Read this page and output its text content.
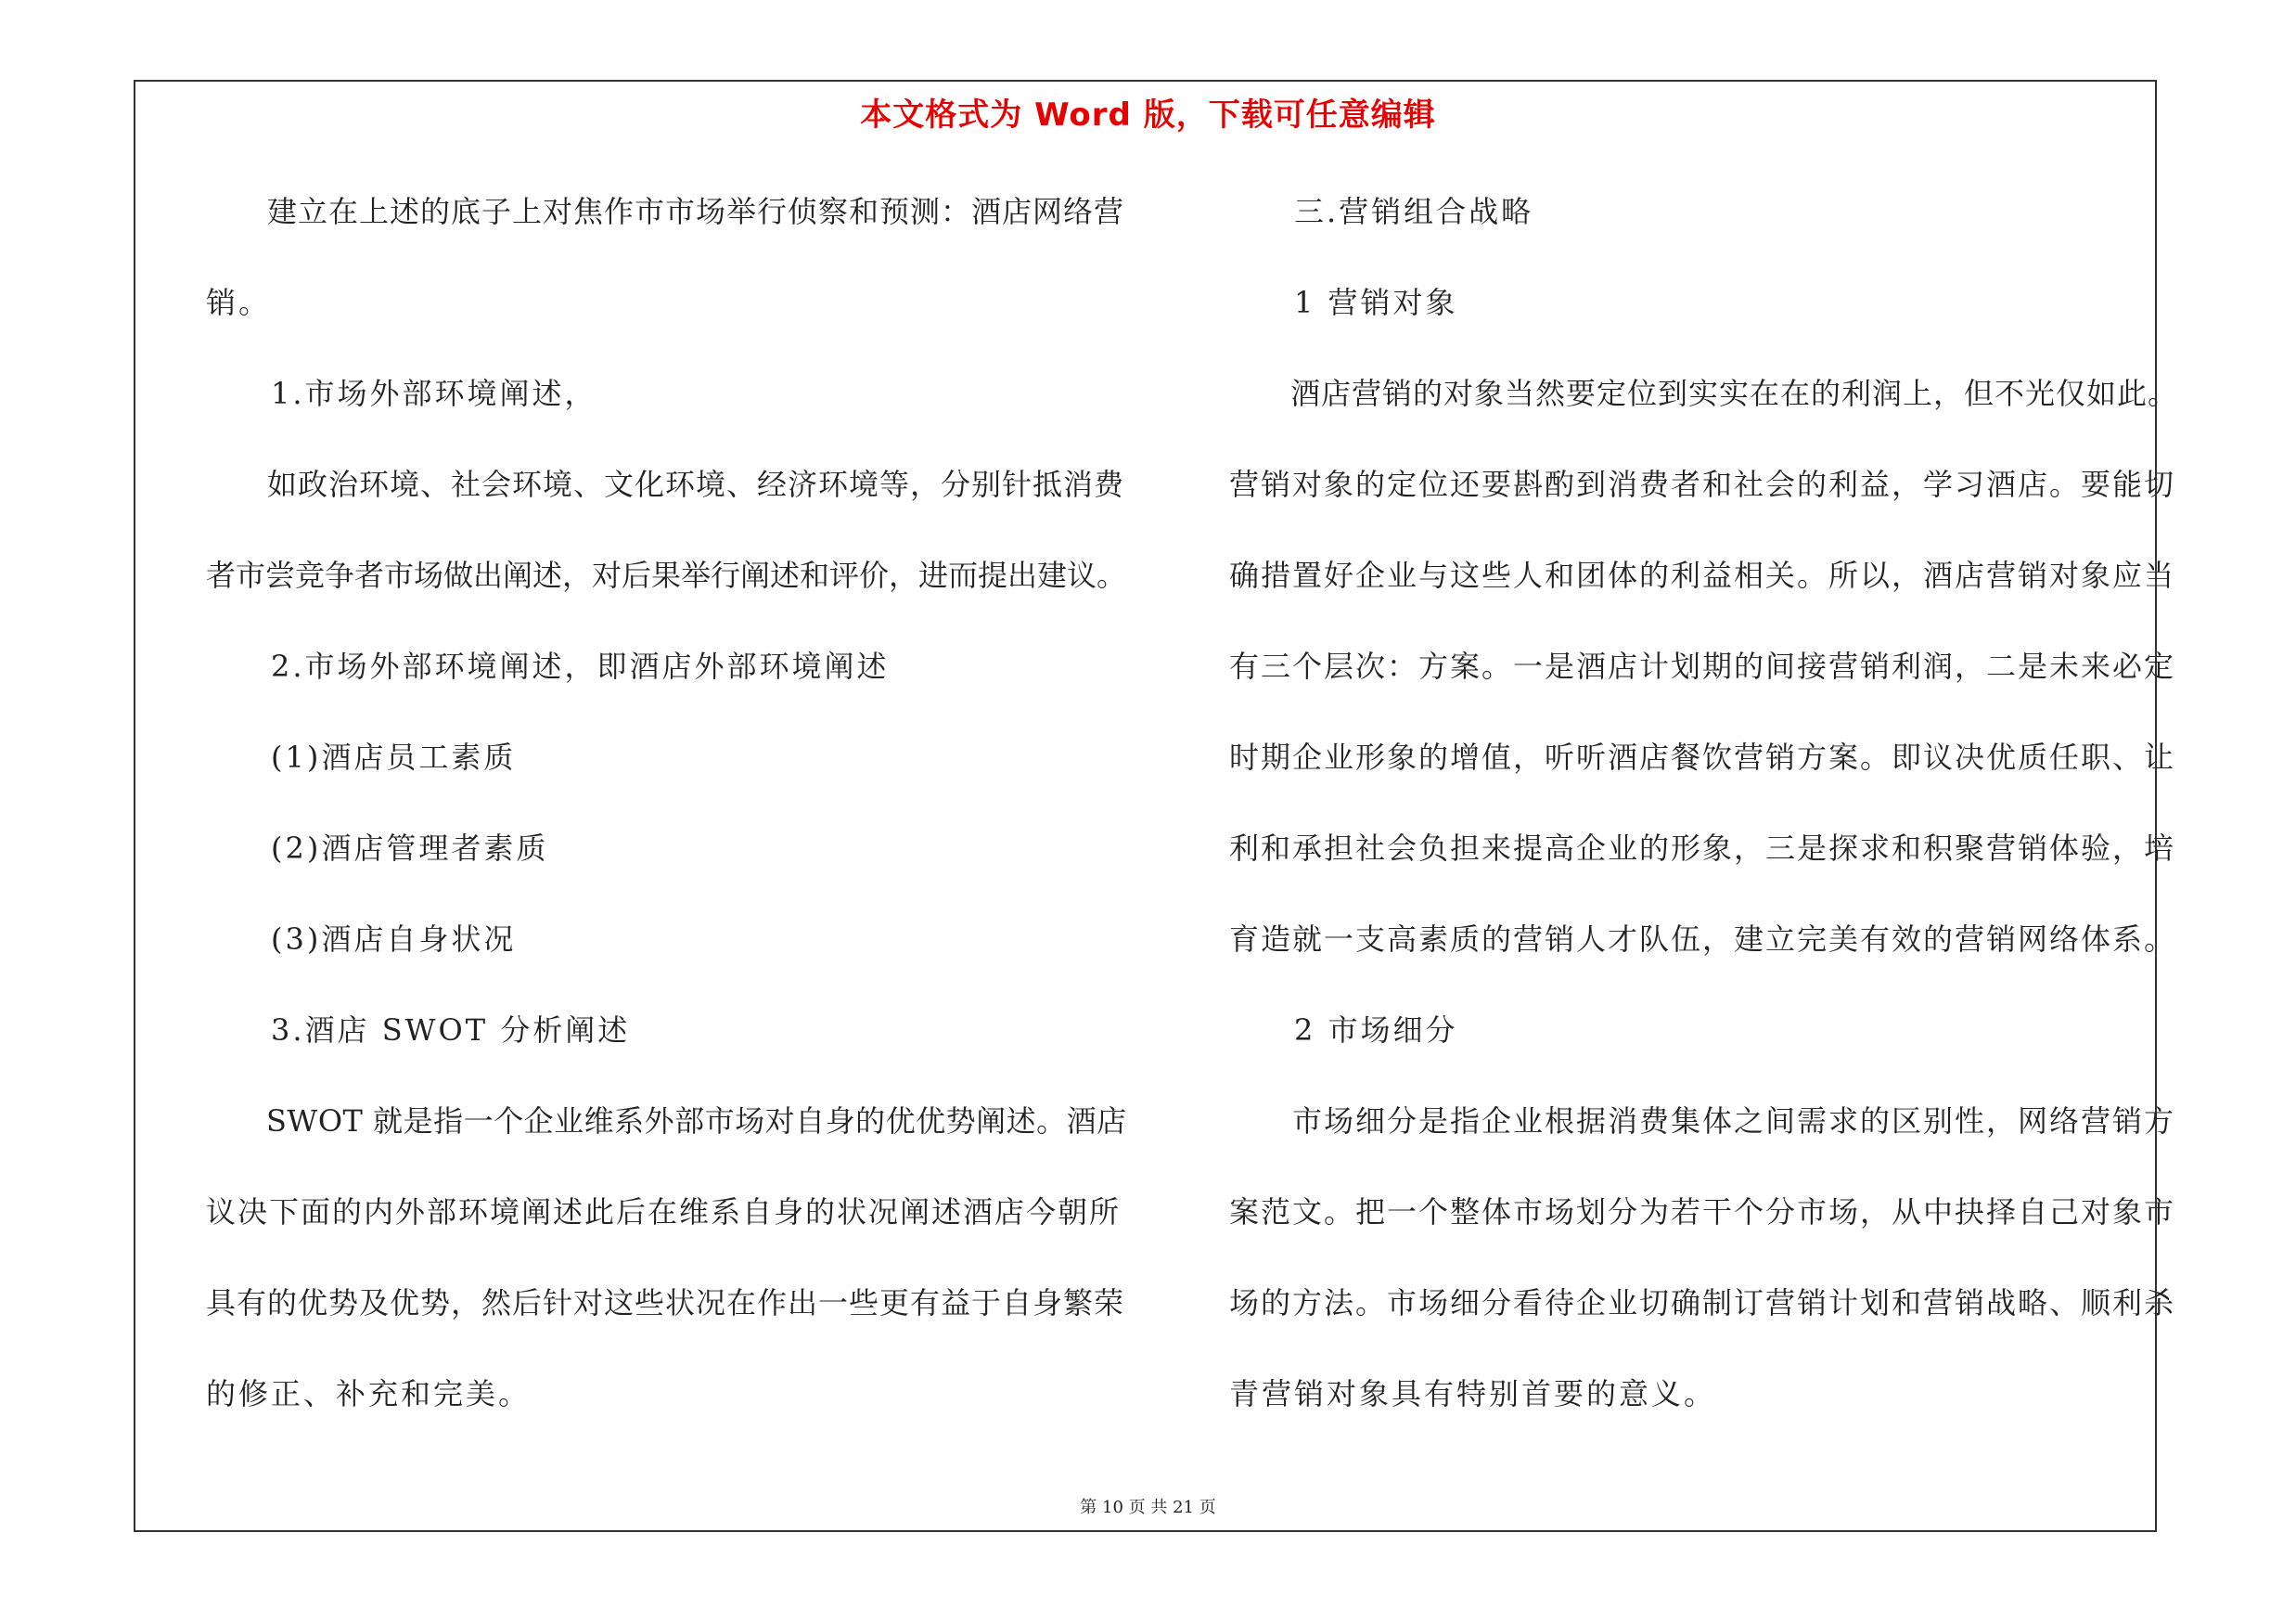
本文格式为 Word 版，下载可任意编辑
　　建立在上述的底子上对焦作市市场举行侦察和预测：酒店网络营
销。
　　1.市场外部环境阐述，
　　如政治环境、社会环境、文化环境、经济环境等，分别针抵消费
者市尝竞争者市场做出阐述，对后果举行阐述和评价，进而提出建议。
　　2.市场外部环境阐述，即酒店外部环境阐述
　　(1)酒店员工素质
　　(2)酒店管理者素质
　　(3)酒店自身状况
　　3.酒店 SWOT 分析阐述
　　SWOT 就是指一个企业维系外部市场对自身的优优势阐述。酒店
议决下面的内外部环境阐述此后在维系自身的状况阐述酒店今朝所
具有的优势及优势，然后针对这些状况在作出一些更有益于自身繁荣
的修正、补充和完美。
　　三.营销组合战略
　　1 营销对象
　　酒店营销的对象当然要定位到实实在在的利润上，但不光仅如此。
营销对象的定位还要斟酌到消费者和社会的利益，学习酒店。要能切
确措置好企业与这些人和团体的利益相关。所以，酒店营销对象应当
有三个层次：方案。一是酒店计划期的间接营销利润，二是未来必定
时期企业形象的增值，听听酒店餐饮营销方案。即议决优质任职、让
利和承担社会负担来提高企业的形象，三是探求和积聚营销体验，培
育造就一支高素质的营销人才队伍，建立完美有效的营销网络体系。
　　2 市场细分
　　市场细分是指企业根据消费集体之间需求的区别性，网络营销方
案范文。把一个整体市场划分为若干个分市场，从中抉择自己对象市
场的方法。市场细分看待企业切确制订营销计划和营销战略、顺利杀
青营销对象具有特别首要的意义。
第 10 页 共 21 页
